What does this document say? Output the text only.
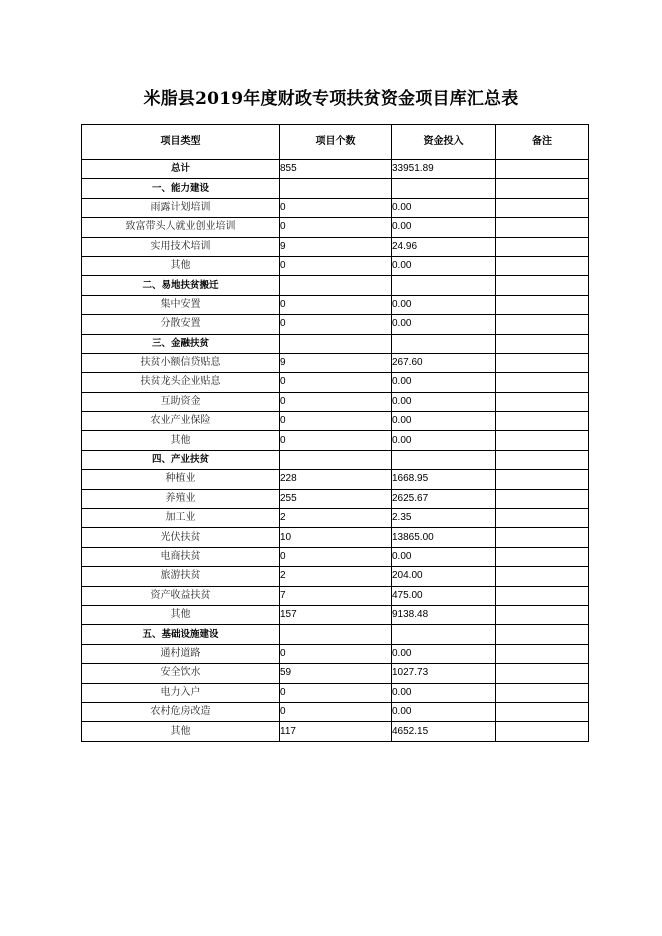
米脂县2019年度财政专项扶贫资金项目库汇总表
项目类型	项目个数	资金投入	备注
总计	855	33951.89	
一、能力建设			
雨露计划培训	0	0.00	
致富带头人就业创业培训	0	0.00	
实用技术培训	9	24.96	
其他	0	0.00	
二、易地扶贫搬迁			
集中安置	0	0.00	
分散安置	0	0.00	
三、金融扶贫			
扶贫小额信贷贴息	9	267.60	
扶贫龙头企业贴息	0	0.00	
互助资金	0	0.00	
农业产业保险	0	0.00	
其他	0	0.00	
四、产业扶贫			
种植业	228	1668.95	
养殖业	255	2625.67	
加工业	2	2.35	
光伏扶贫	10	13865.00	
电商扶贫	0	0.00	
旅游扶贫	2	204.00	
资产收益扶贫	7	475.00	
其他	157	9138.48	
五、基础设施建设			
通村道路	0	0.00	
安全饮水	59	1027.73	
电力入户	0	0.00	
农村危房改造	0	0.00	
其他	117	4652.15	
